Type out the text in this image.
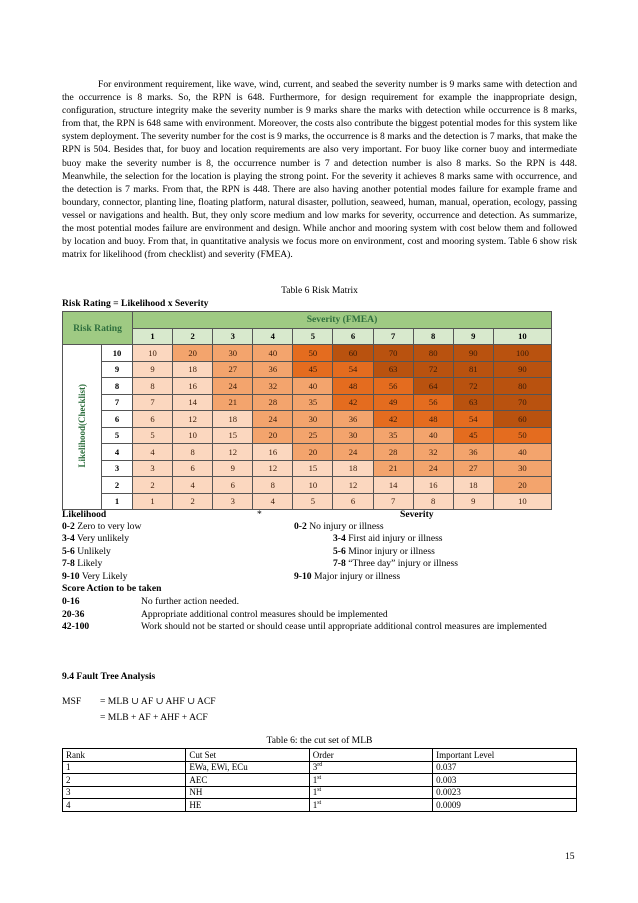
For environment requirement, like wave, wind, current, and seabed the severity number is 9 marks same with detection and the occurrence is 8 marks. So, the RPN is 648. Furthermore, for design requirement for example the inappropriate design, configuration, structure integrity make the severity number is 9 marks share the marks with detection while occurrence is 8 marks, from that, the RPN is 648 same with environment. Moreover, the costs also contribute the biggest potential modes for this system like system deployment. The severity number for the cost is 9 marks, the occurrence is 8 marks and the detection is 7 marks, that make the RPN is 504. Besides that, for buoy and location requirements are also very important. For buoy like corner buoy and intermediate buoy make the severity number is 8, the occurrence number is 7 and detection number is also 8 marks. So the RPN is 448. Meanwhile, the selection for the location is playing the strong point. For the severity it achieves 8 marks same with occurrence, and the detection is 7 marks. From that, the RPN is 448. There are also having another potential modes failure for example frame and boundary, connector, planting line, floating platform, natural disaster, pollution, seaweed, human, manual, operation, ecology, passing vessel or navigations and health. But, they only score medium and low marks for severity, occurrence and detection. As summarize, the most potential modes failure are environment and design. While anchor and mooring system with cost below them and followed by location and buoy. From that, in quantitative analysis we focus more on environment, cost and mooring system. Table 6 show risk matrix for likelihood (from checklist) and severity (FMEA).

Table 6 Risk Matrix
Risk Rating = Likelihood x Severity
Risk Rating		Severity (FMEA)									
		1	2	3	4	5	6	7	8	9	10
Likelihood(Checklist)	10	10	20	30	40	50	60	70	80	90	100
	9	9	18	27	36	45	54	63	72	81	90
	8	8	16	24	32	40	48	56	64	72	80
	7	7	14	21	28	35	42	49	56	63	70
	6	6	12	18	24	30	36	42	48	54	60
	5	5	10	15	20	25	30	35	40	45	50
	4	4	8	12	16	20	24	28	32	36	40
	3	3	6	9	12	15	18	21	24	27	30
	2	2	4	6	8	10	12	14	16	18	20
	1	1	2	3	4	5	6	7	8	9	10
Likelihood	*	Severity
0-2 Zero to very low
3-4 Very unlikely
5-6 Unlikely
7-8 Likely
9-10 Very Likely
0-2 No injury or illness
3-4 First aid injury or illness
5-6 Minor injury or illness
7-8 “Three day” injury or illness
9-10 Major injury or illness
Score Action to be taken
0-16	No further action needed.
20-36	Appropriate additional control measures should be implemented
42-100	Work should not be started or should cease until appropriate additional control measures are implemented
9.4 Fault Tree Analysis
MSF = MLB ∪ AF ∪ AHF ∪ ACF
= MLB + AF + AHF + ACF
Table 6: the cut set of MLB
Rank	Cut Set	Order	Important Level
1	EWa, EWi, ECu	3rd	0.037
2	AEC	1st	0.003
3	NH	1st	0.0023
4	HE	1st	0.0009
15
